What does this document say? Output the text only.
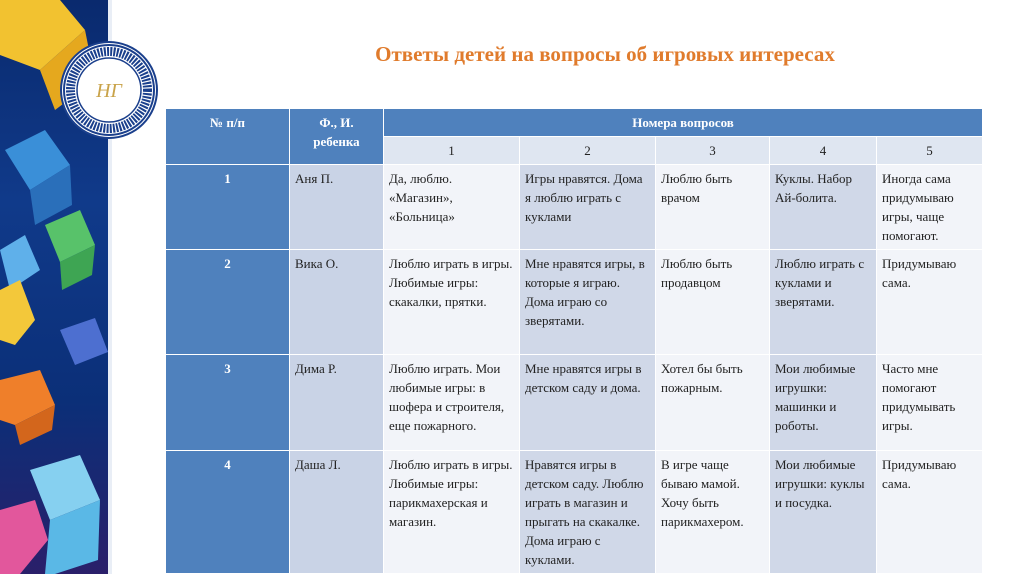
НГ
Ответы детей на вопросы об игровых интересах
№ п/п	Ф., И. ребенка	Номера вопросов				
		1	2	3	4	5
1	Аня П.	Да, люблю. «Магазин», «Больница»	Игры нравятся. Дома я люблю играть с куклами	Люблю быть врачом	Куклы. Набор Ай-болита.	Иногда сама придумываю игры, чаще помогают.
2	Вика О.	Люблю играть в игры. Любимые игры: скакалки, прятки.	Мне нравятся игры, в которые я играю. Дома играю со зверятами.	Люблю быть продавцом	Люблю играть с куклами и зверятами.	Придумываю сама.
3	Дима Р.	Люблю играть. Мои любимые игры: в шофера и строителя, еще пожарного.	Мне нравятся игры в детском саду и дома.	Хотел бы быть пожарным.	Мои любимые игрушки: машинки и роботы.	Часто мне помогают придумывать игры.
4	Даша Л.	Люблю играть в игры. Любимые игры: парикмахерская и магазин.	Нравятся игры в детском саду. Люблю играть в магазин и прыгать на скакалке. Дома играю с куклами.	В игре чаще бываю мамой. Хочу быть парикмахером.	Мои любимые игрушки: куклы и посудка.	Придумываю сама.
